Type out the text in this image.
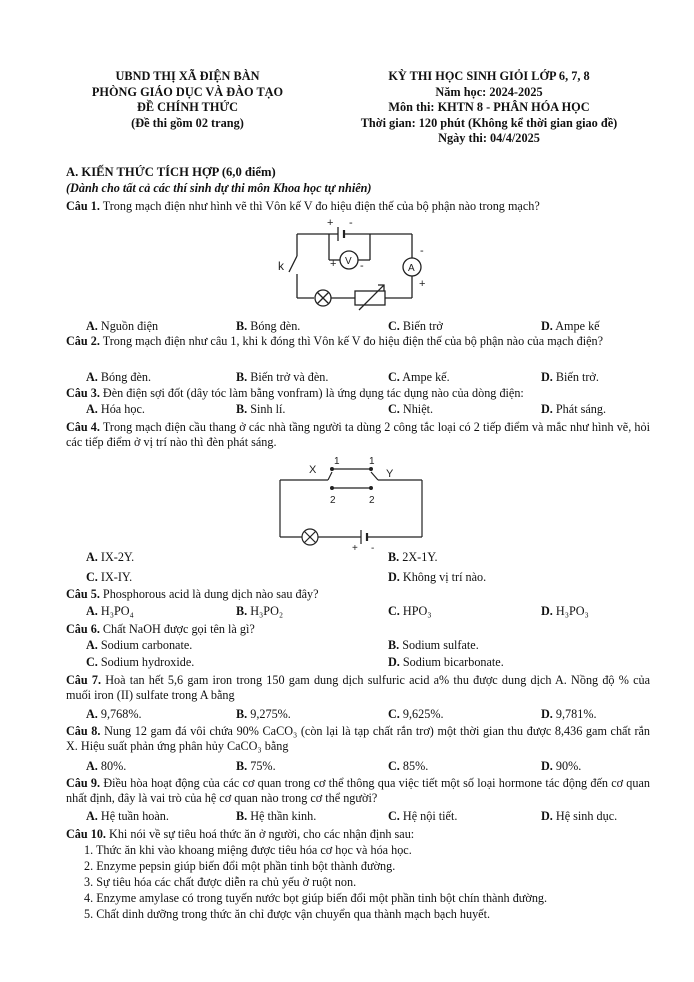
UBND THỊ XÃ ĐIỆN BÀN
PHÒNG GIÁO DỤC VÀ ĐÀO TẠO
ĐỀ CHÍNH THỨC
(Đề thi gồm 02 trang)
KỲ THI HỌC SINH GIỎI LỚP 6, 7, 8
Năm học: 2024-2025
Môn thi: KHTN 8 - PHÂN HÓA HỌC
Thời gian: 120 phút (Không kể thời gian giao đề)
Ngày thi: 04/4/2025
A. KIẾN THỨC TÍCH HỢP (6,0 điểm)
(Dành cho tất cả các thí sinh dự thi môn Khoa học tự nhiên)
Câu 1. Trong mạch điện như hình vẽ thì Vôn kế V đo hiệu điện thế của bộ phận nào trong mạch?
+ -
V
+ -
k	A
-
+
A. Nguồn điện	B. Bóng đèn.	C. Biến trở	D. Ampe kế
Câu 2. Trong mạch điện như câu 1, khi k đóng thì Vôn kế V đo hiệu điện thế của bộ phận nào của mạch điện?
A. Bóng đèn.	B. Biến trở và đèn.	C. Ampe kế.	D. Biến trở.
Câu 3. Đèn điện sợi đốt (dây tóc làm bằng vonfram) là ứng dụng tác dụng nào của dòng điện:
A. Hóa học.	B. Sinh lí.	C. Nhiệt.	D. Phát sáng.
Câu 4. Trong mạch điện cầu thang ở các nhà tầng người ta dùng 2 công tắc loại có 2 tiếp điểm và mắc như hình vẽ, hỏi các tiếp điểm ở vị trí nào thì đèn phát sáng.
X
1	1
Y
2	2
+ -
A. IX-2Y.	B. 2X-1Y.
C. IX-IY.	D. Không vị trí nào.
Câu 5. Phosphorous acid là dung dịch nào sau đây?
A. H₃PO₄	B. H₃PO₂	C. HPO₃	D. H₃PO₃
Câu 6. Chất NaOH được gọi tên là gì?
A. Sodium carbonate.	B. Sodium sulfate.
C. Sodium hydroxide.	D. Sodium bicarbonate.
Câu 7. Hoà tan hết 5,6 gam iron trong 150 gam dung dịch sulfuric acid a% thu được dung dịch A. Nồng độ % của muối iron (II) sulfate trong A bằng
A. 9,768%.	B. 9,275%.	C. 9,625%.	D. 9,781%.
Câu 8. Nung 12 gam đá vôi chứa 90% CaCO₃ (còn lại là tạp chất rắn trơ) một thời gian thu được 8,436 gam chất rắn X. Hiệu suất phản ứng phân hủy CaCO₃ bằng
A. 80%.	B. 75%.	C. 85%.	D. 90%.
Câu 9. Điều hòa hoạt động của các cơ quan trong cơ thể thông qua việc tiết một số loại hormone tác động đến cơ quan nhất định, đây là vai trò của hệ cơ quan nào trong cơ thể người?
A. Hệ tuần hoàn.	B. Hệ thần kinh.	C. Hệ nội tiết.	D. Hệ sinh dục.
Câu 10. Khi nói về sự tiêu hoá thức ăn ở người, cho các nhận định sau:
1. Thức ăn khi vào khoang miệng được tiêu hóa cơ học và hóa học.
2. Enzyme pepsin giúp biến đổi một phần tinh bột thành đường.
3. Sự tiêu hóa các chất được diễn ra chủ yếu ở ruột non.
4. Enzyme amylase có trong tuyến nước bọt giúp biến đổi một phần tinh bột chín thành đường.
5. Chất dinh dưỡng trong thức ăn chỉ được vận chuyển qua thành mạch bạch huyết.
